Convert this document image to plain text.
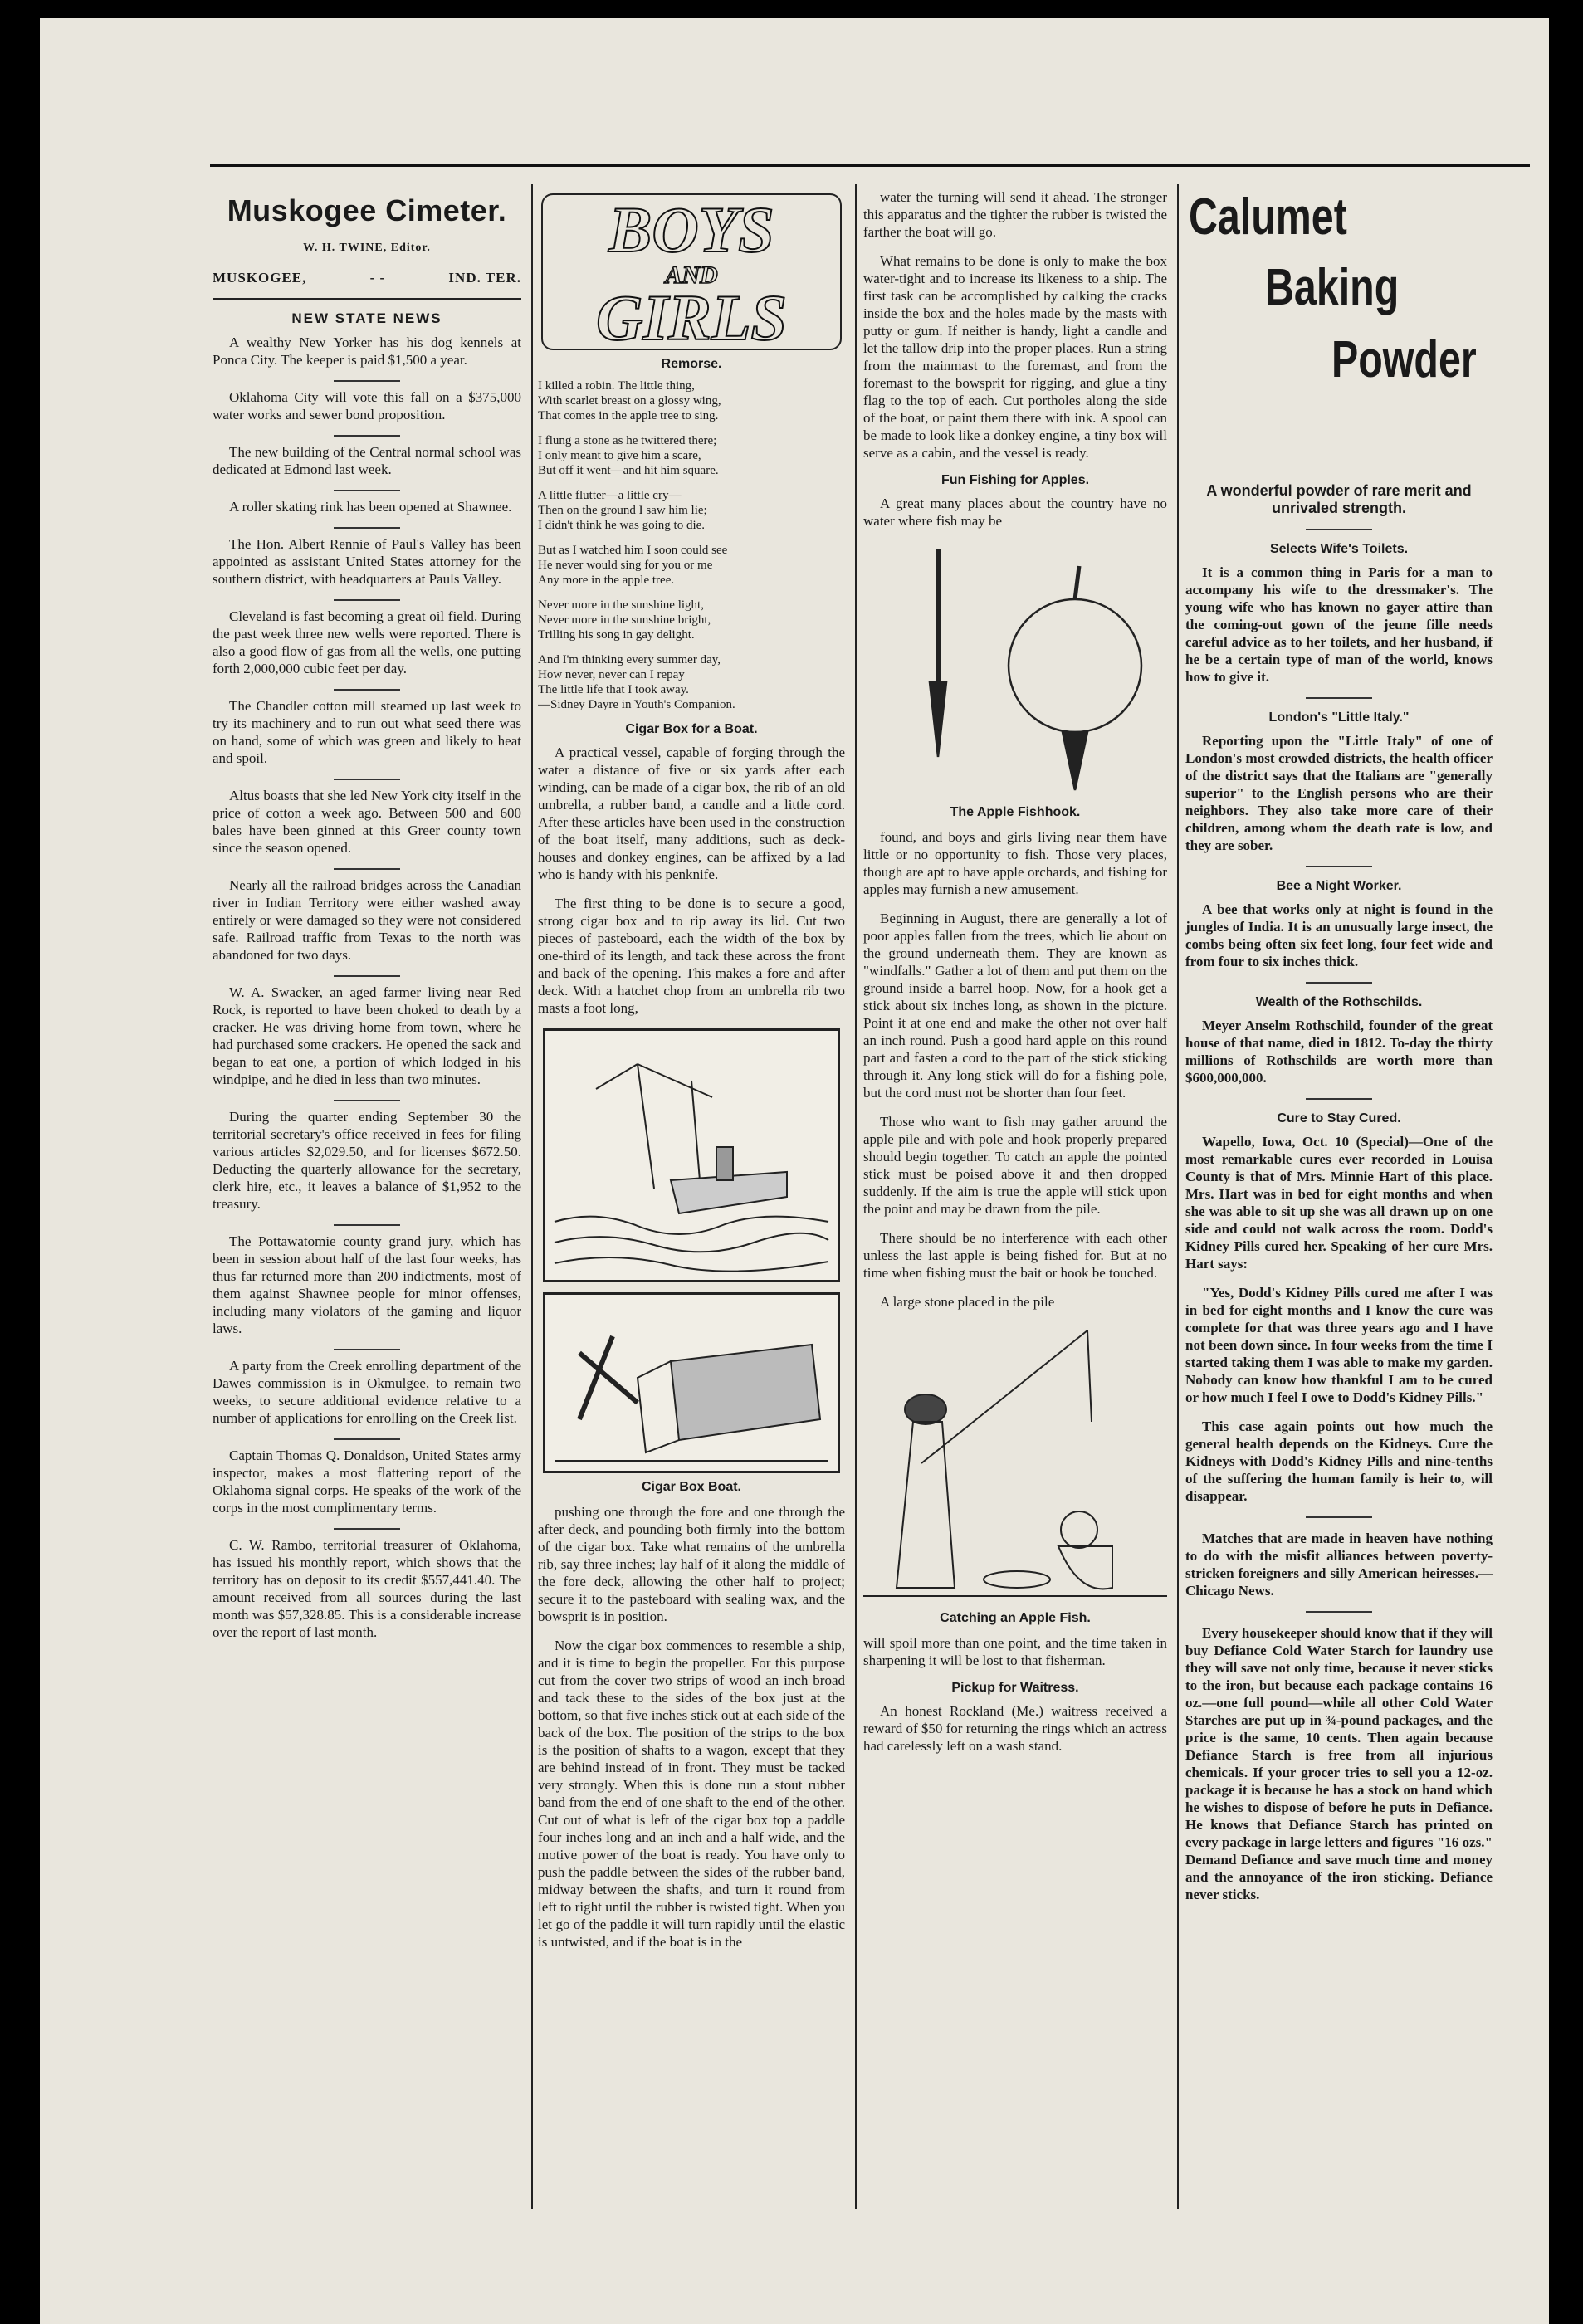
Muskogee Cimeter.
W. H. TWINE, Editor.
MUSKOGEE,	- -	IND. TER.
NEW STATE NEWS

A wealthy New Yorker has his dog kennels at Ponca City. The keeper is paid $1,500 a year.

Oklahoma City will vote this fall on a $375,000 water works and sewer bond proposition.

The new building of the Central normal school was dedicated at Edmond last week.

A roller skating rink has been opened at Shawnee.

The Hon. Albert Rennie of Paul's Valley has been appointed as assistant United States attorney for the southern district, with headquarters at Pauls Valley.

Cleveland is fast becoming a great oil field. During the past week three new wells were reported. There is also a good flow of gas from all the wells, one putting forth 2,000,000 cubic feet per day.

The Chandler cotton mill steamed up last week to try its machinery and to run out what seed there was on hand, some of which was green and likely to heat and spoil.

Altus boasts that she led New York city itself in the price of cotton a week ago. Between 500 and 600 bales have been ginned at this Greer county town since the season opened.

Nearly all the railroad bridges across the Canadian river in Indian Territory were either washed away entirely or were damaged so they were not considered safe. Railroad traffic from Texas to the north was abandoned for two days.

W. A. Swacker, an aged farmer living near Red Rock, is reported to have been choked to death by a cracker. He was driving home from town, where he had purchased some crackers. He opened the sack and began to eat one, a portion of which lodged in his windpipe, and he died in less than two minutes.

During the quarter ending September 30 the territorial secretary's office received in fees for filing various articles $2,029.50, and for licenses $672.50. Deducting the quarterly allowance for the secretary, clerk hire, etc., it leaves a balance of $1,952 to the treasury.

The Pottawatomie county grand jury, which has been in session about half of the last four weeks, has thus far returned more than 200 indictments, most of them against Shawnee people for minor offenses, including many violators of the gaming and liquor laws.

A party from the Creek enrolling department of the Dawes commission is in Okmulgee, to remain two weeks, to secure additional evidence relative to a number of applications for enrolling on the Creek list.

Captain Thomas Q. Donaldson, United States army inspector, makes a most flattering report of the Oklahoma signal corps. He speaks of the work of the corps in the most complimentary terms.

C. W. Rambo, territorial treasurer of Oklahoma, has issued his monthly report, which shows that the territory has on deposit to its credit $557,441.40. The amount received from all sources during the last month was $57,328.85. This is a considerable increase over the report of last month.

BOYS
AND
GIRLS
Remorse.
I killed a robin. The little thing,
With scarlet breast on a glossy wing,
That comes in the apple tree to sing.
I flung a stone as he twittered there;
I only meant to give him a scare,
But off it went—and hit him square.
A little flutter—a little cry—
Then on the ground I saw him lie;
I didn't think he was going to die.
But as I watched him I soon could see
He never would sing for you or me
Any more in the apple tree.
Never more in the sunshine light,
Never more in the sunshine bright,
Trilling his song in gay delight.
And I'm thinking every summer day,
How never, never can I repay
The little life that I took away.
—Sidney Dayre in Youth's Companion.
Cigar Box for a Boat.

A practical vessel, capable of forging through the water a distance of five or six yards after each winding, can be made of a cigar box, the rib of an old umbrella, a rubber band, a candle and a little cord. After these articles have been used in the construction of the boat itself, many additions, such as deck-houses and donkey engines, can be affixed by a lad who is handy with his penknife.

The first thing to be done is to secure a good, strong cigar box and to rip away its lid. Cut two pieces of pasteboard, each the width of the box by one-third of its length, and tack these across the front and back of the opening. This makes a fore and after deck. With a hatchet chop from an umbrella rib two masts a foot long,

Cigar Box Boat.

pushing one through the fore and one through the after deck, and pounding both firmly into the bottom of the cigar box. Take what remains of the umbrella rib, say three inches; lay half of it along the middle of the fore deck, allowing the other half to project; secure it to the pasteboard with sealing wax, and the bowsprit is in position.

Now the cigar box commences to resemble a ship, and it is time to begin the propeller. For this purpose cut from the cover two strips of wood an inch broad and tack these to the sides of the box just at the bottom, so that five inches stick out at each side of the back of the box. The position of the strips to the box is the position of shafts to a wagon, except that they are behind instead of in front. They must be tacked very strongly. When this is done run a stout rubber band from the end of one shaft to the end of the other. Cut out of what is left of the cigar box top a paddle four inches long and an inch and a half wide, and the motive power of the boat is ready. You have only to push the paddle between the sides of the rubber band, midway between the shafts, and turn it round from left to right until the rubber is twisted tight. When you let go of the paddle it will turn rapidly until the elastic is untwisted, and if the boat is in the

water the turning will send it ahead. The stronger this apparatus and the tighter the rubber is twisted the farther the boat will go.

What remains to be done is only to make the box water-tight and to increase its likeness to a ship. The first task can be accomplished by calking the cracks inside the box and the holes made by the masts with putty or gum. If neither is handy, light a candle and let the tallow drip into the proper places. Run a string from the mainmast to the foremast, and from the foremast to the bowsprit for rigging, and glue a tiny flag to the top of each. Cut portholes along the side of the boat, or paint them there with ink. A spool can be made to look like a donkey engine, a tiny box will serve as a cabin, and the vessel is ready.

Fun Fishing for Apples.

A great many places about the country have no water where fish may be

The Apple Fishhook.

found, and boys and girls living near them have little or no opportunity to fish. Those very places, though are apt to have apple orchards, and fishing for apples may furnish a new amusement.

Beginning in August, there are generally a lot of poor apples fallen from the trees, which lie about on the ground underneath them. They are known as "windfalls." Gather a lot of them and put them on the ground inside a barrel hoop. Now, for a hook get a stick about six inches long, as shown in the picture. Point it at one end and make the other not over half an inch round. Push a good hard apple on this round part and fasten a cord to the part of the stick sticking through it. Any long stick will do for a fishing pole, but the cord must not be shorter than four feet.

Those who want to fish may gather around the apple pile and with pole and hook properly prepared should begin together. To catch an apple the pointed stick must be poised above it and then dropped suddenly. If the aim is true the apple will stick upon the point and may be drawn from the pile.

There should be no interference with each other unless the last apple is being fished for. But at no time when fishing must the bait or hook be touched.

A large stone placed in the pile

Catching an Apple Fish.

will spoil more than one point, and the time taken in sharpening it will be lost to that fisherman.

Pickup for Waitress.

An honest Rockland (Me.) waitress received a reward of $50 for returning the rings which an actress had carelessly left on a wash stand.

Calumet
Baking
Powder
A wonderful powder of rare merit and unrivaled strength.
Selects Wife's Toilets.

It is a common thing in Paris for a man to accompany his wife to the dressmaker's. The young wife who has known no gayer attire than the coming-out gown of the jeune fille needs careful advice as to her toilets, and her husband, if he be a certain type of man of the world, knows how to give it.

London's "Little Italy."

Reporting upon the "Little Italy" of one of London's most crowded districts, the health officer of the district says that the Italians are "generally superior" to the English persons who are their neighbors. They also take more care of their children, among whom the death rate is low, and they are sober.

Bee a Night Worker.

A bee that works only at night is found in the jungles of India. It is an unusually large insect, the combs being often six feet long, four feet wide and from four to six inches thick.

Wealth of the Rothschilds.

Meyer Anselm Rothschild, founder of the great house of that name, died in 1812. To-day the thirty millions of Rothschilds are worth more than $600,000,000.

Cure to Stay Cured.

Wapello, Iowa, Oct. 10 (Special)—One of the most remarkable cures ever recorded in Louisa County is that of Mrs. Minnie Hart of this place. Mrs. Hart was in bed for eight months and when she was able to sit up she was all drawn up on one side and could not walk across the room. Dodd's Kidney Pills cured her. Speaking of her cure Mrs. Hart says:

"Yes, Dodd's Kidney Pills cured me after I was in bed for eight months and I know the cure was complete for that was three years ago and I have not been down since. In four weeks from the time I started taking them I was able to make my garden. Nobody can know how thankful I am to be cured or how much I feel I owe to Dodd's Kidney Pills."

This case again points out how much the general health depends on the Kidneys. Cure the Kidneys with Dodd's Kidney Pills and nine-tenths of the suffering the human family is heir to, will disappear.

Matches that are made in heaven have nothing to do with the misfit alliances between poverty-stricken foreigners and silly American heiresses.—Chicago News.

Every housekeeper should know that if they will buy Defiance Cold Water Starch for laundry use they will save not only time, because it never sticks to the iron, but because each package contains 16 oz.—one full pound—while all other Cold Water Starches are put up in ¾-pound packages, and the price is the same, 10 cents. Then again because Defiance Starch is free from all injurious chemicals. If your grocer tries to sell you a 12-oz. package it is because he has a stock on hand which he wishes to dispose of before he puts in Defiance. He knows that Defiance Starch has printed on every package in large letters and figures "16 ozs." Demand Defiance and save much time and money and the annoyance of the iron sticking. Defiance never sticks.
